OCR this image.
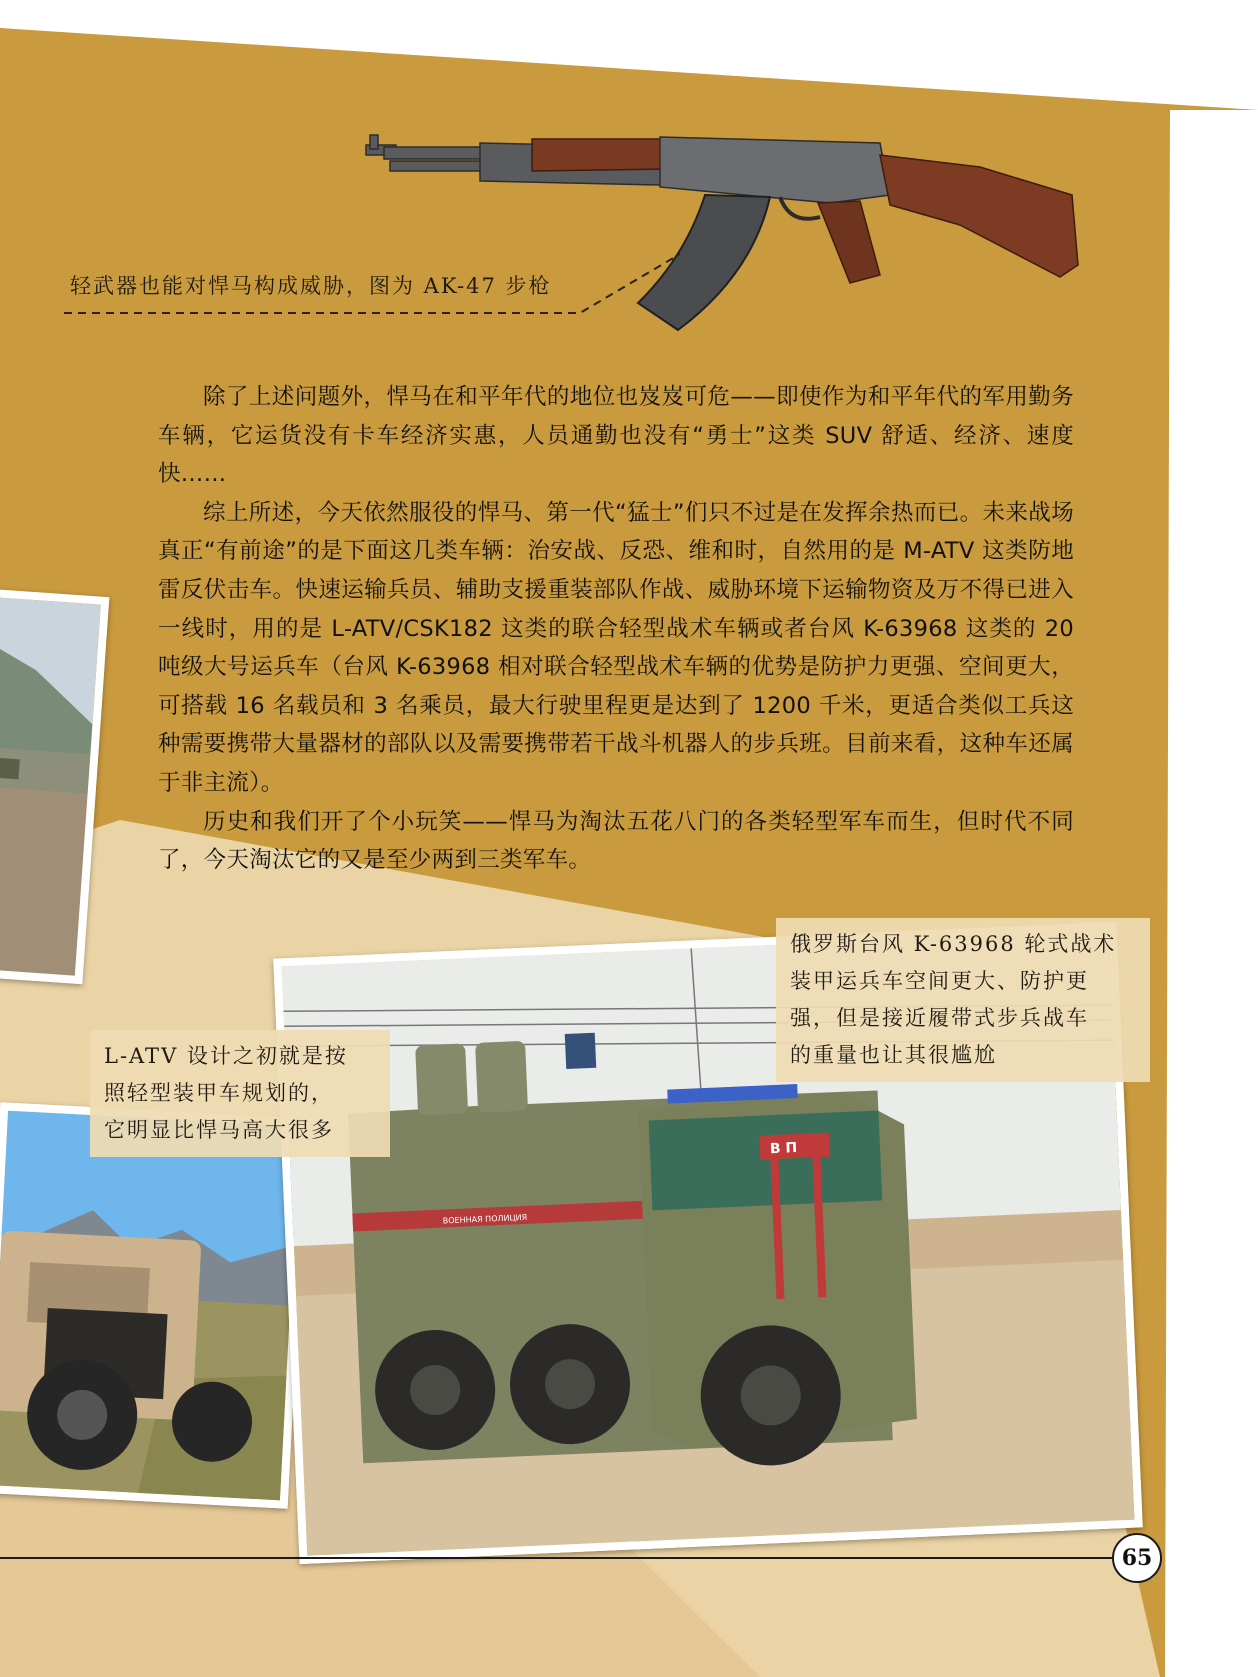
轻武器也能对悍马构成威胁，图为 AK-47 步枪

除了上述问题外，悍马在和平年代的地位也岌岌可危——即使作为和平年代的军用勤务车辆，它运货没有卡车经济实惠，人员通勤也没有“勇士”这类 SUV 舒适、经济、速度快……

综上所述，今天依然服役的悍马、第一代“猛士”们只不过是在发挥余热而已。未来战场真正“有前途”的是下面这几类车辆：治安战、反恐、维和时，自然用的是 M-ATV 这类防地雷反伏击车。快速运输兵员、辅助支援重装部队作战、威胁环境下运输物资及万不得已进入一线时，用的是 L-ATV/CSK182 这类的联合轻型战术车辆或者台风 K-63968 这类的 20 吨级大号运兵车（台风 K-63968 相对联合轻型战术车辆的优势是防护力更强、空间更大，可搭载 16 名载员和 3 名乘员，最大行驶里程更是达到了 1200 千米，更适合类似工兵这种需要携带大量器材的部队以及需要携带若干战斗机器人的步兵班。目前来看，这种车还属于非主流）。

历史和我们开了个小玩笑——悍马为淘汰五花八门的各类轻型军车而生，但时代不同了，今天淘汰它的又是至少两到三类军车。

В П
ВОЕННАЯ ПОЛИЦИЯ
L-ATV 设计之初就是按
照轻型装甲车规划的，
它明显比悍马高大很多
俄罗斯台风 K-63968 轮式战术
装甲运兵车空间更大、防护更
强，但是接近履带式步兵战车
的重量也让其很尴尬
65
